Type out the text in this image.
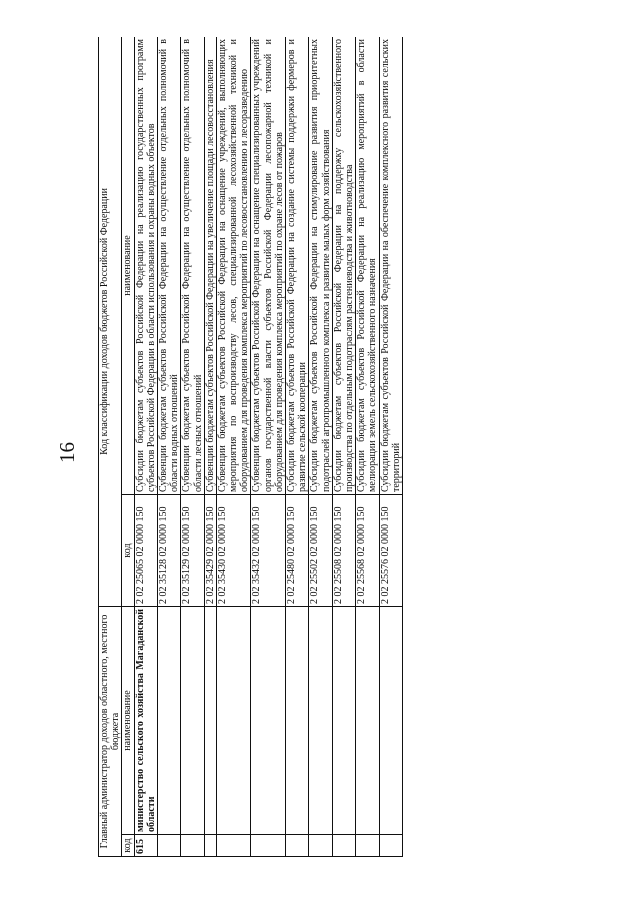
16
Главный администратор доходов областного, местного бюджета		Код классификации доходов бюджетов Российской Федерации	
код	наименование	код	наименование
615	министерство сельского хозяйства Магаданской области	2 02 25065 02 0000 150	Субсидии бюджетам субъектов Российской Федерации на реализацию государственных программ субъектов Российской Федерации в области использования и охраны водных объектов
		2 02 35128 02 0000 150	Субвенции бюджетам субъектов Российской Федерации на осуществление отдельных полномочий в области водных отношений
		2 02 35129 02 0000 150	Субвенции бюджетам субъектов Российской Федерации на осуществление отдельных полномочий в области лесных отношений
		2 02 35429 02 0000 150	Субвенции бюджетам субъектов Российской Федерации на увеличение площади лесовосстановления
		2 02 35430 02 0000 150	Субвенции бюджетам субъектов Российской Федерации на оснащение учреждений, выполняющих мероприятия по воспроизводству лесов, специализированной лесохозяйственной техникой и оборудованием для проведения комплекса мероприятий по лесовосстановлению и лесоразведению
		2 02 35432 02 0000 150	Субвенции бюджетам субъектов Российской Федерации на оснащение специализированных учреждений органов государственной власти субъектов Российской Федерации лесопожарной техникой и оборудованием для проведения комплекса мероприятий по охране лесов от пожаров
		2 02 25480 02 0000 150	Субсидии бюджетам субъектов Российской Федерации на создание системы поддержки фермеров и развитие сельской кооперации
		2 02 25502 02 0000 150	Субсидии бюджетам субъектов Российской Федерации на стимулирование развития приоритетных подотраслей агропромышленного комплекса и развитие малых форм хозяйствования
		2 02 25508 02 0000 150	Субсидии бюджетам субъектов Российской Федерации на поддержку сельскохозяйственного производства по отдельным подотраслям растениеводства и животноводства
		2 02 25568 02 0000 150	Субсидии бюджетам субъектов Российской Федерации на реализацию мероприятий в области мелиорации земель сельскохозяйственного назначения
		2 02 25576 02 0000 150	Субсидии бюджетам субъектов Российской Федерации на обеспечение комплексного развития сельских территорий
